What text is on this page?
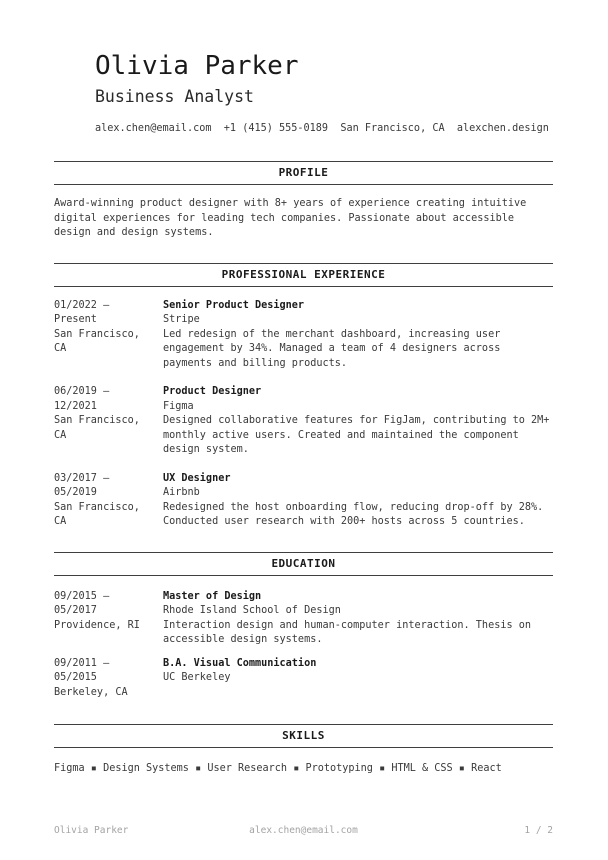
Olivia Parker
Business Analyst
alex.chen@email.com  +1 (415) 555-0189  San Francisco, CA  alexchen.design
PROFILE

Award-winning product designer with 8+ years of experience creating intuitive digital experiences for leading tech companies. Passionate about accessible design and design systems.

PROFESSIONAL EXPERIENCE
01/2022 – Present
San Francisco, CA
Senior Product Designer
Stripe
Led redesign of the merchant dashboard, increasing user engagement by 34%. Managed a team of 4 designers across payments and billing products.
06/2019 – 12/2021
San Francisco, CA
Product Designer
Figma
Designed collaborative features for FigJam, contributing to 2M+ monthly active users. Created and maintained the component design system.
03/2017 – 05/2019
San Francisco, CA
UX Designer
Airbnb
Redesigned the host onboarding flow, reducing drop-off by 28%. Conducted user research with 200+ hosts across 5 countries.
EDUCATION
09/2015 – 05/2017
Providence, RI
Master of Design
Rhode Island School of Design
Interaction design and human-computer interaction. Thesis on accessible design systems.
09/2011 – 05/2015
Berkeley, CA
B.A. Visual Communication
UC Berkeley
SKILLS
Figma ▪ Design Systems ▪ User Research ▪ Prototyping ▪ HTML & CSS ▪ React
Olivia Parker	alex.chen@email.com	1 / 2
